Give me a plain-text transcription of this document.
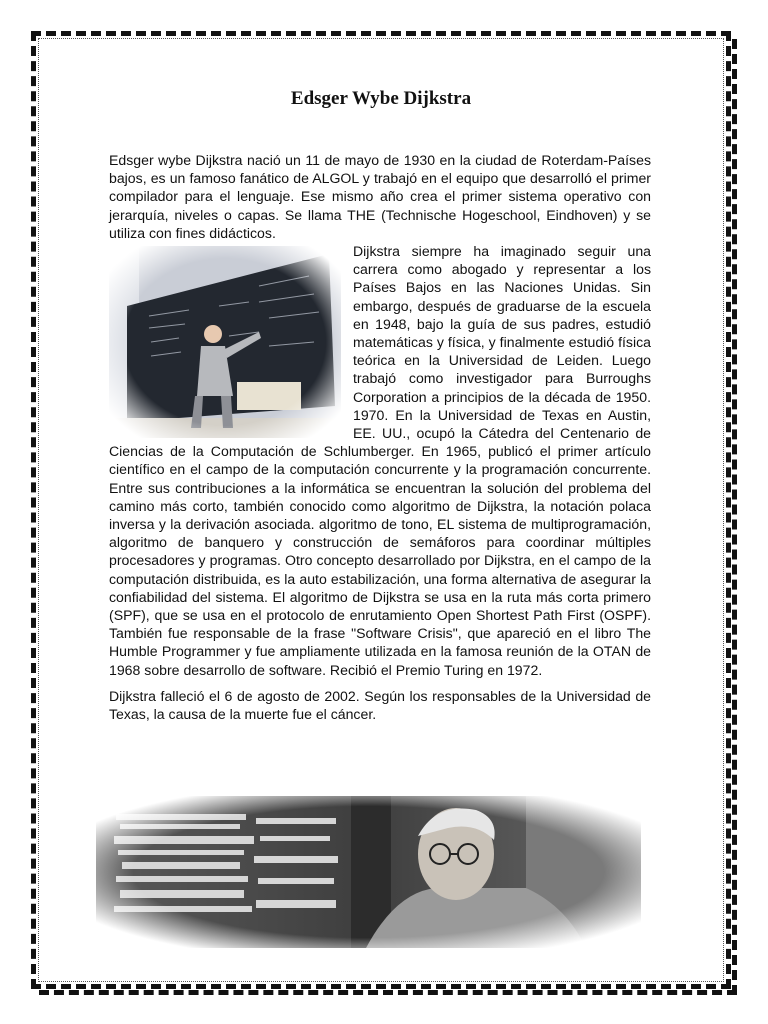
Edsger Wybe Dijkstra

Edsger wybe Dijkstra nació un 11 de mayo de 1930 en la ciudad de Roterdam-Países bajos, es un famoso fanático de ALGOL y trabajó en el equipo que desarrolló el primer compilador para el lenguaje. Ese mismo año crea el primer sistema operativo con jerarquía, niveles o capas. Se llama THE (Technische Hogeschool, Eindhoven) y se utiliza con fines didácticos.

Dijkstra siempre ha imaginado seguir una carrera como abogado y representar a los Países Bajos en las Naciones Unidas. Sin embargo, después de graduarse de la escuela en 1948, bajo la guía de sus padres, estudió matemáticas y física, y finalmente estudió física teórica en la Universidad de Leiden. Luego trabajó como investigador para Burroughs Corporation a principios de la década de 1950. 1970. En la Universidad de Texas en Austin, EE. UU., ocupó la Cátedra del Centenario de Ciencias de la Computación de Schlumberger. En 1965, publicó el primer artículo científico en el campo de la computación concurrente y la programación concurrente. Entre sus contribuciones a la informática se encuentran la solución del problema del camino más corto, también conocido como algoritmo de Dijkstra, la notación polaca inversa y la derivación asociada. algoritmo de tono, EL sistema de multiprogramación, algoritmo de banquero y construcción de semáforos para coordinar múltiples procesadores y programas. Otro concepto desarrollado por Dijkstra, en el campo de la computación distribuida, es la auto estabilización, una forma alternativa de asegurar la confiabilidad del sistema. El algoritmo de Dijkstra se usa en la ruta más corta primero (SPF), que se usa en el protocolo de enrutamiento Open Shortest Path First (OSPF). También fue responsable de la frase "Software Crisis", que apareció en el libro The Humble Programmer y fue ampliamente utilizada en la famosa reunión de la OTAN de 1968 sobre desarrollo de software. Recibió el Premio Turing en 1972.

Dijkstra falleció el 6 de agosto de 2002. Según los responsables de la Universidad de Texas, la causa de la muerte fue el cáncer.
